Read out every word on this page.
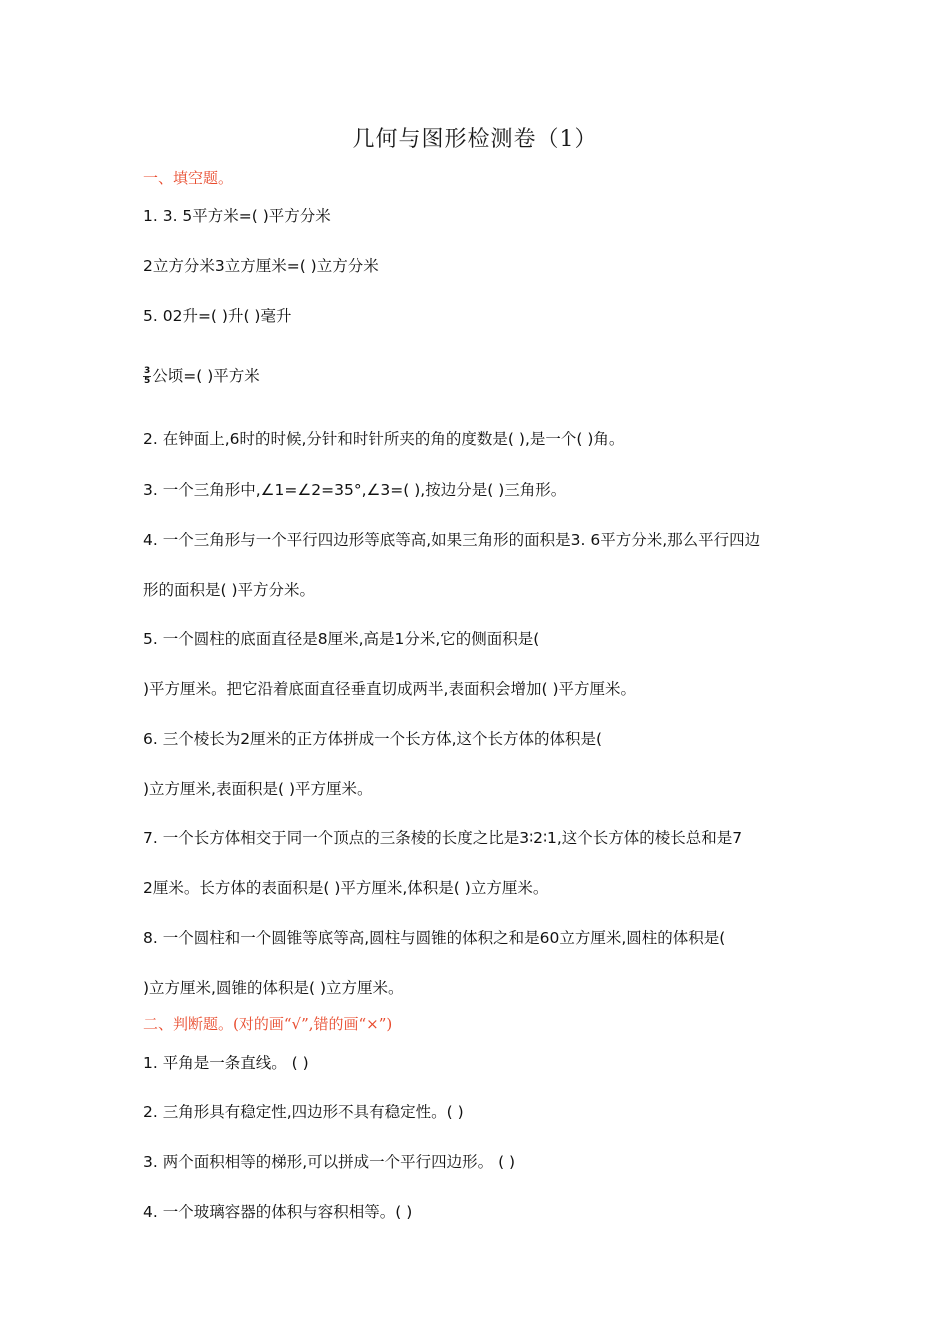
几何与图形检测卷（1）
一、填空题。
1. 3. 5平方米=( )平方分米
2立方分米3立方厘米=( )立方分米
5. 02升=( )升( )毫升
$\frac{3}{5}$ 公顷=( )平方米
2. 在钟面上,6时的时候,分针和时针所夹的角的度数是( ),是一个( )角。
3. 一个三角形中,∠1=∠2=35°,∠3=( ),按边分是( )三角形。
4. 一个三角形与一个平行四边形等底等高,如果三角形的面积是3. 6平方分米,那么平行四边
形的面积是( )平方分米。
5. 一个圆柱的底面直径是8厘米,高是1分米,它的侧面积是(
)平方厘米。把它沿着底面直径垂直切成两半,表面积会增加( )平方厘米。
6. 三个棱长为2厘米的正方体拼成一个长方体,这个长方体的体积是(
)立方厘米,表面积是( )平方厘米。
7. 一个长方体相交于同一个顶点的三条棱的长度之比是3∶2∶1,这个长方体的棱长总和是7
2厘米。长方体的表面积是( )平方厘米,体积是( )立方厘米。
8. 一个圆柱和一个圆锥等底等高,圆柱与圆锥的体积之和是60立方厘米,圆柱的体积是(
)立方厘米,圆锥的体积是( )立方厘米。
二、判断题。(对的画“√”,错的画“×”)
1. 平角是一条直线。 ( )
2. 三角形具有稳定性,四边形不具有稳定性。( )
3. 两个面积相等的梯形,可以拼成一个平行四边形。 ( )
4. 一个玻璃容器的体积与容积相等。( )
